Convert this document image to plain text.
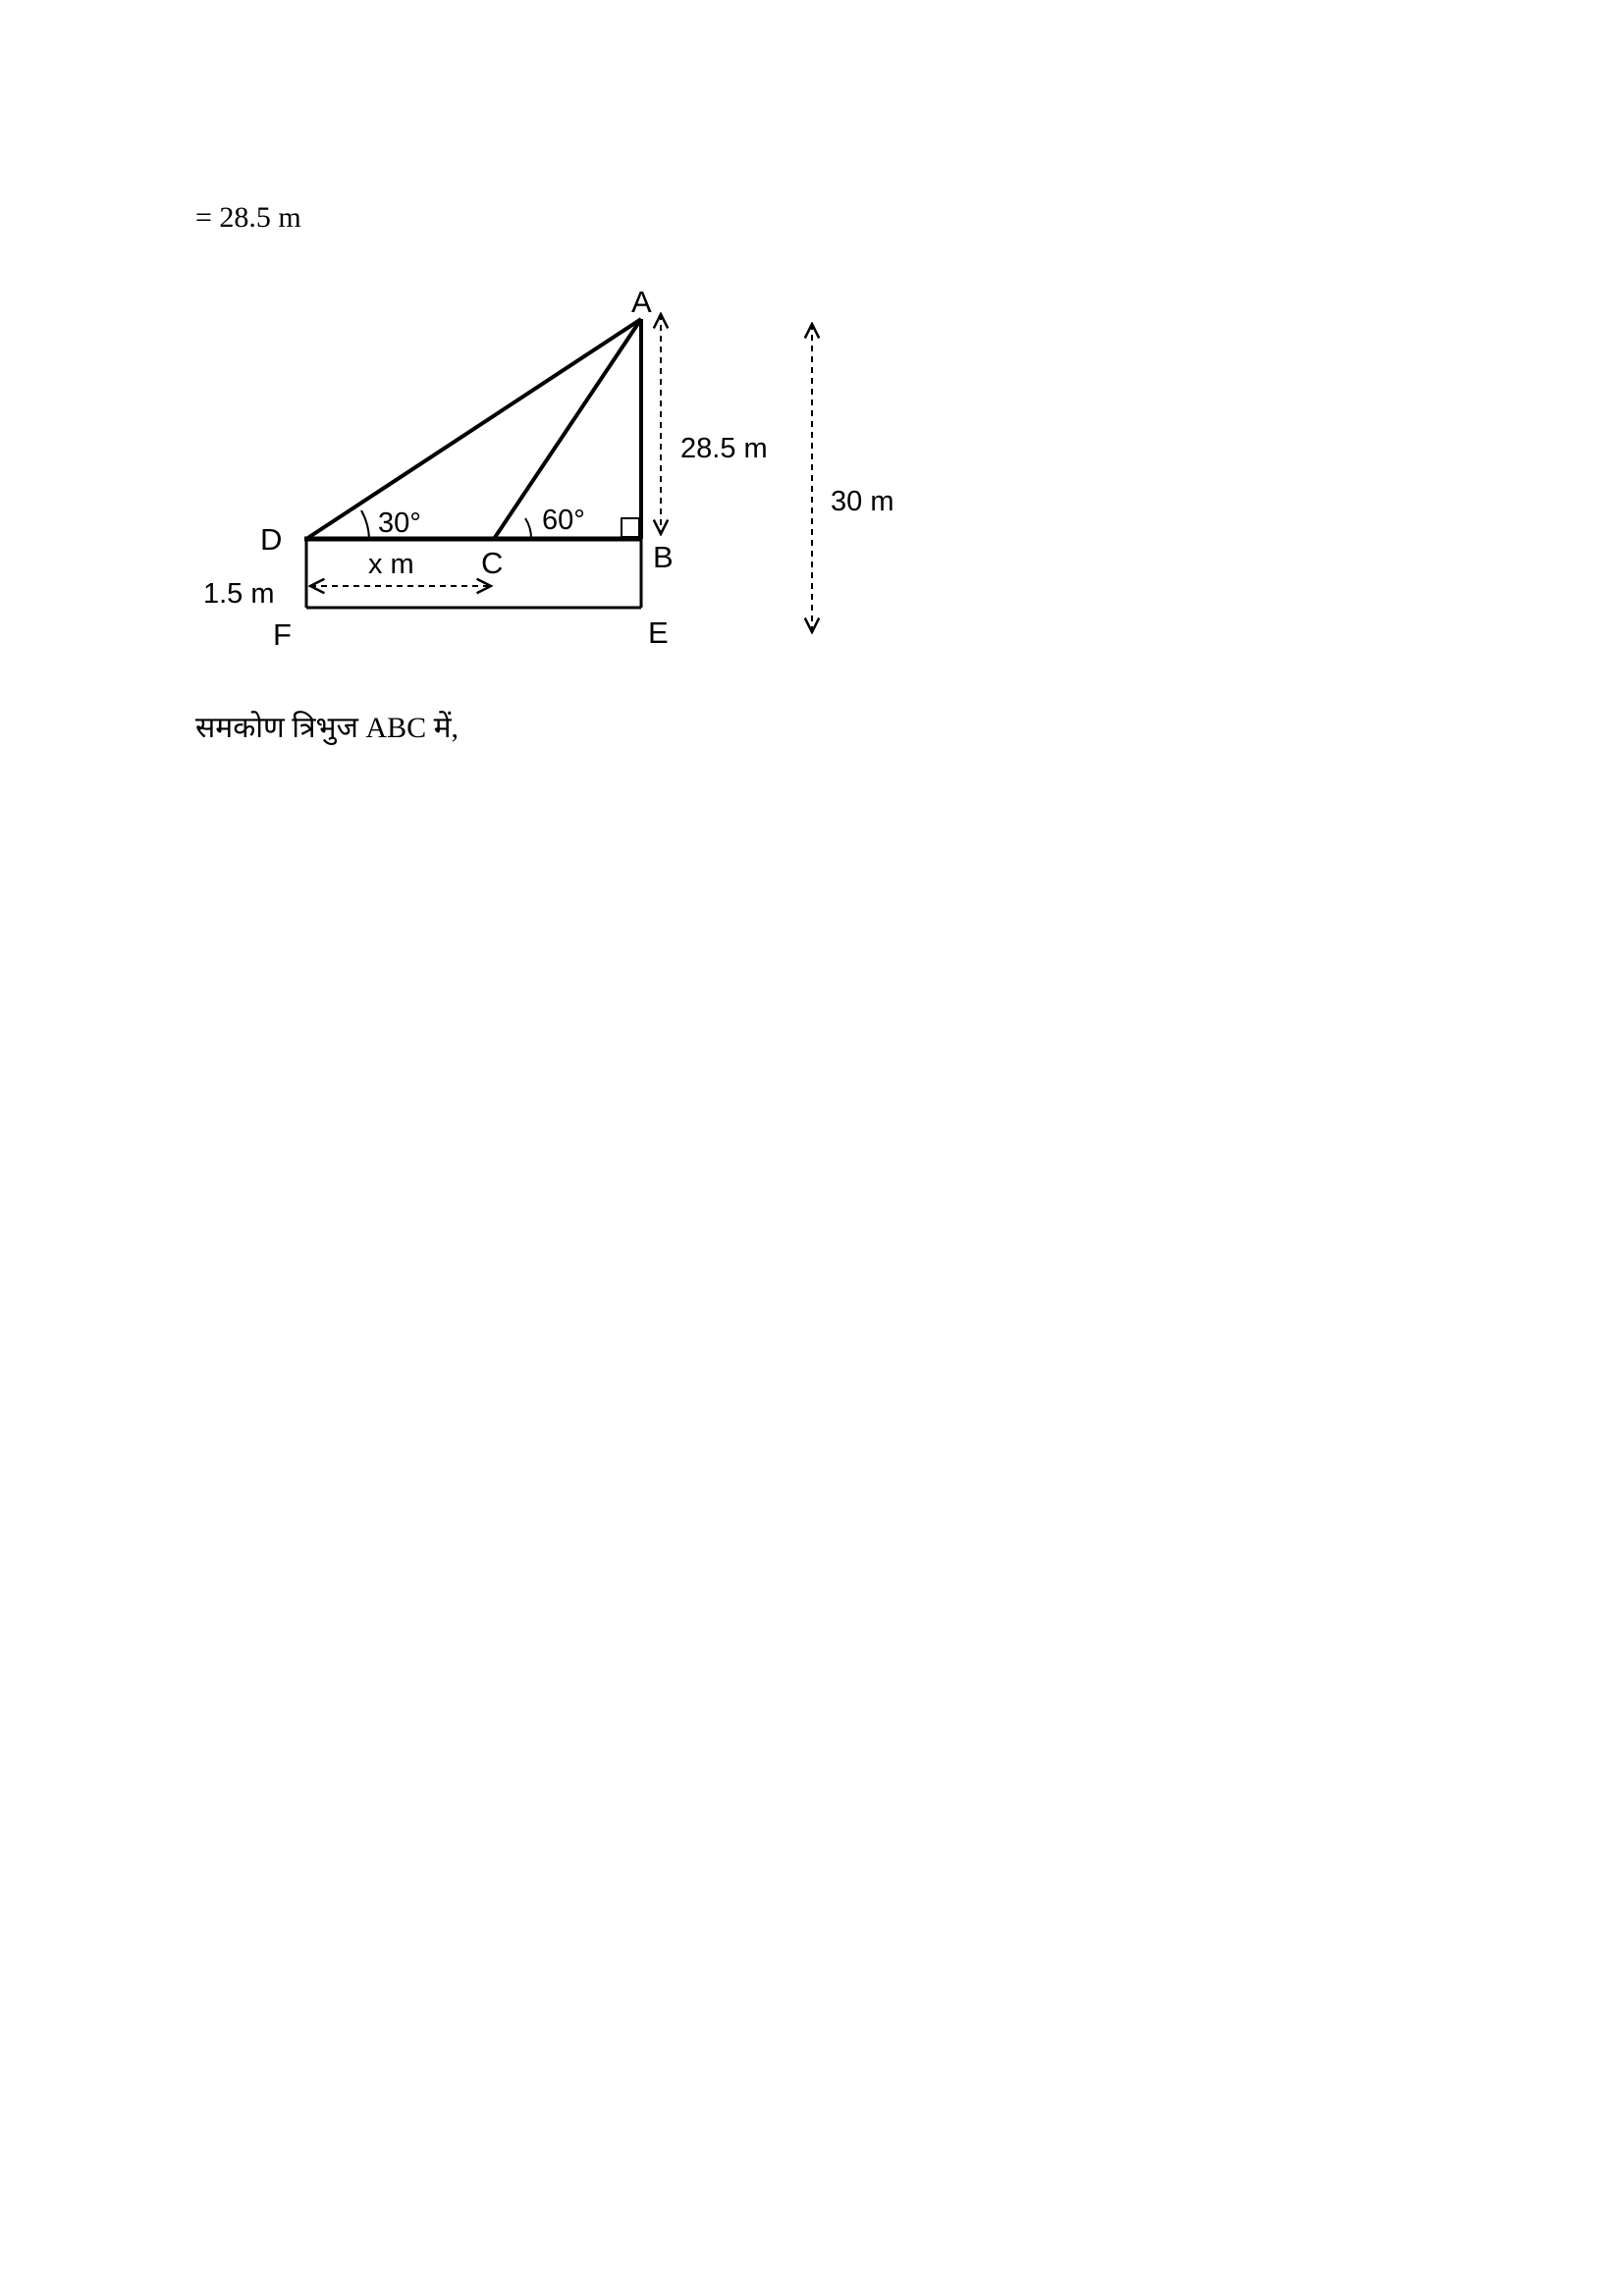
= 28.5 m
A
B
C
D
E
F
30°	60°
28.5 m
30 m
x m
1.5 m
समकोण त्रिभुज ABC में,
